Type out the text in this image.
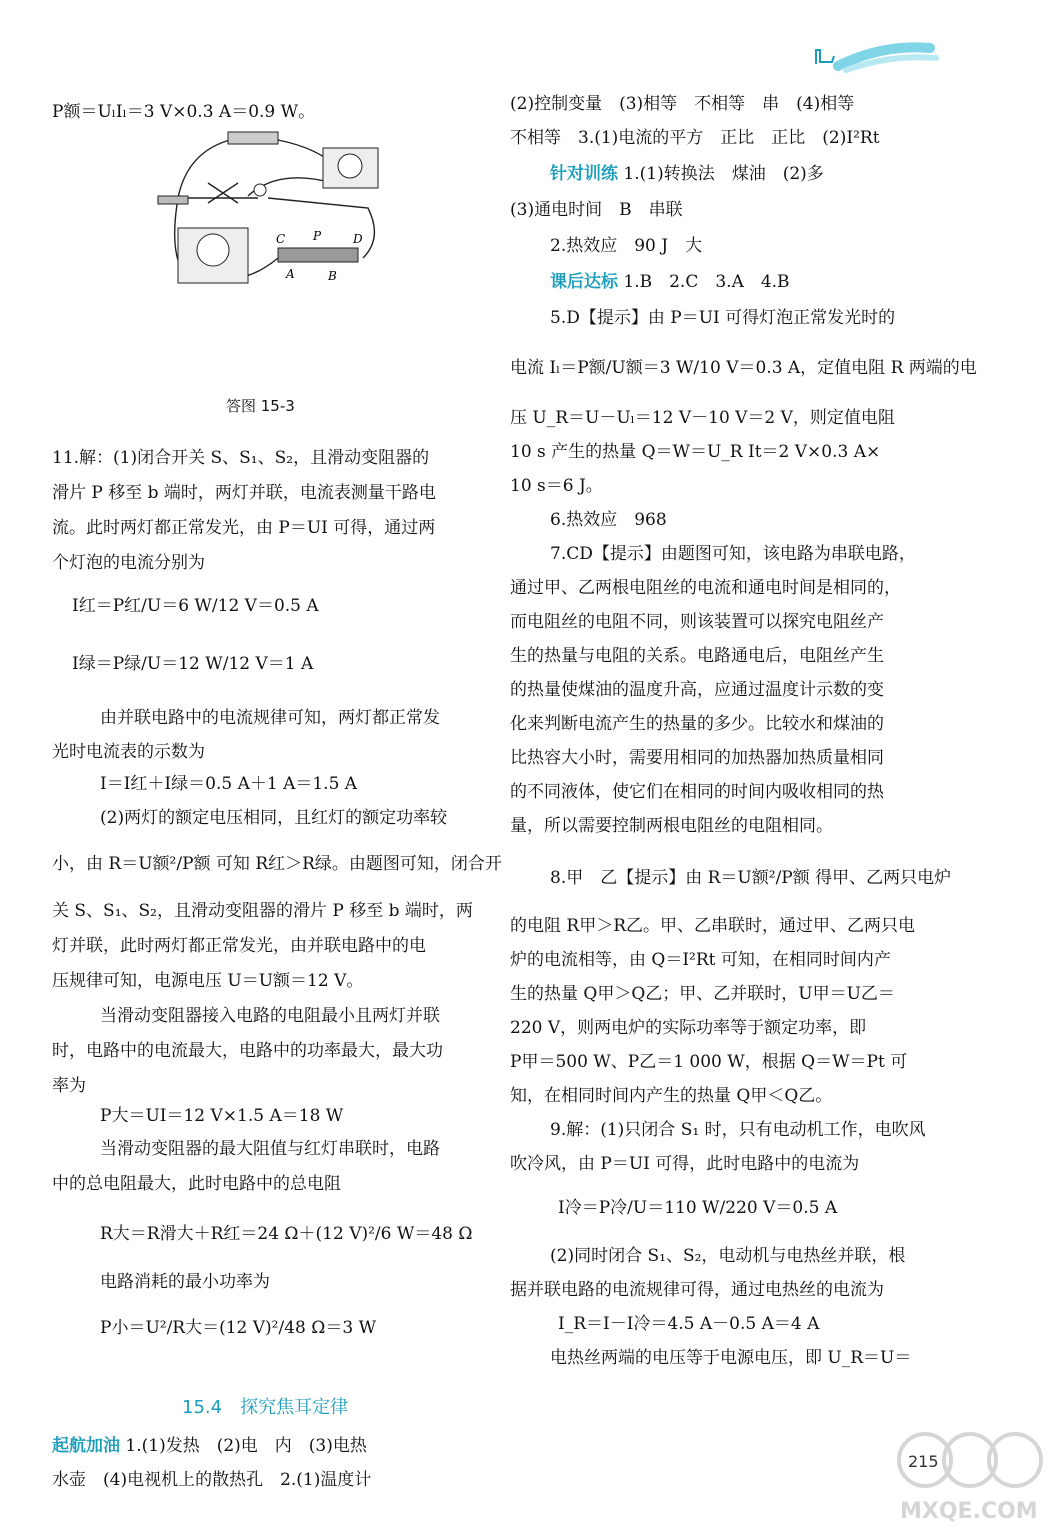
P额＝UₗIₗ＝3 V×0.3 A＝0.9 W。
答图 15-3
11.解：(1)闭合开关 S、S₁、S₂，且滑动变阻器的
滑片 P 移至 b 端时，两灯并联，电流表测量干路电
流。此时两灯都正常发光，由 P＝UI 可得，通过两
个灯泡的电流分别为
I红＝P红/U＝6 W/12 V＝0.5 A
I绿＝P绿/U＝12 W/12 V＝1 A
由并联电路中的电流规律可知，两灯都正常发
光时电流表的示数为
I＝I红＋I绿＝0.5 A＋1 A＝1.5 A
(2)两灯的额定电压相同，且红灯的额定功率较
小，由 R＝U额²/P额 可知 R红＞R绿。由题图可知，闭合开
关 S、S₁、S₂，且滑动变阻器的滑片 P 移至 b 端时，两
灯并联，此时两灯都正常发光，由并联电路中的电
压规律可知，电源电压 U＝U额＝12 V。
当滑动变阻器接入电路的电阻最小且两灯并联
时，电路中的电流最大，电路中的功率最大，最大功
率为
P大＝UI＝12 V×1.5 A＝18 W
当滑动变阻器的最大阻值与红灯串联时，电路
中的总电阻最大，此时电路中的总电阻
R大＝R滑大＋R红＝24 Ω＋(12 V)²/6 W＝48 Ω
电路消耗的最小功率为
P小＝U²/R大＝(12 V)²/48 Ω＝3 W
15.4　探究焦耳定律
起航加油 1.(1)发热　(2)电　内　(3)电热
水壶　(4)电视机上的散热孔　2.(1)温度计
C P	D
A	B
(2)控制变量　(3)相等　不相等　串　(4)相等
不相等　3.(1)电流的平方　正比　正比　(2)I²Rt
针对训练 1.(1)转换法　煤油　(2)多
(3)通电时间　B　串联
2.热效应　90 J　大
课后达标 1.B　2.C　3.A　4.B
5.D【提示】由 P＝UI 可得灯泡正常发光时的
电流 Iₗ＝P额/U额＝3 W/10 V＝0.3 A，定值电阻 R 两端的电
压 U_R＝U－Uₗ＝12 V－10 V＝2 V，则定值电阻
10 s 产生的热量 Q＝W＝U_R It＝2 V×0.3 A×
10 s＝6 J。
6.热效应　968
7.CD【提示】由题图可知，该电路为串联电路，
通过甲、乙两根电阻丝的电流和通电时间是相同的，
而电阻丝的电阻不同，则该装置可以探究电阻丝产
生的热量与电阻的关系。电路通电后，电阻丝产生
的热量使煤油的温度升高，应通过温度计示数的变
化来判断电流产生的热量的多少。比较水和煤油的
比热容大小时，需要用相同的加热器加热质量相同
的不同液体，使它们在相同的时间内吸收相同的热
量，所以需要控制两根电阻丝的电阻相同。
8.甲　乙【提示】由 R＝U额²/P额 得甲、乙两只电炉
的电阻 R甲＞R乙。甲、乙串联时，通过甲、乙两只电
炉的电流相等，由 Q＝I²Rt 可知，在相同时间内产
生的热量 Q甲＞Q乙；甲、乙并联时，U甲＝U乙＝
220 V，则两电炉的实际功率等于额定功率，即
P甲＝500 W、P乙＝1 000 W，根据 Q＝W＝Pt 可
知，在相同时间内产生的热量 Q甲＜Q乙。
9.解：(1)只闭合 S₁ 时，只有电动机工作，电吹风
吹冷风，由 P＝UI 可得，此时电路中的电流为
I冷＝P冷/U＝110 W/220 V＝0.5 A
(2)同时闭合 S₁、S₂，电动机与电热丝并联，根
据并联电路的电流规律可得，通过电热丝的电流为
I_R＝I－I冷＝4.5 A－0.5 A＝4 A
电热丝两端的电压等于电源电压，即 U_R＝U＝
MXQE.COM
215
